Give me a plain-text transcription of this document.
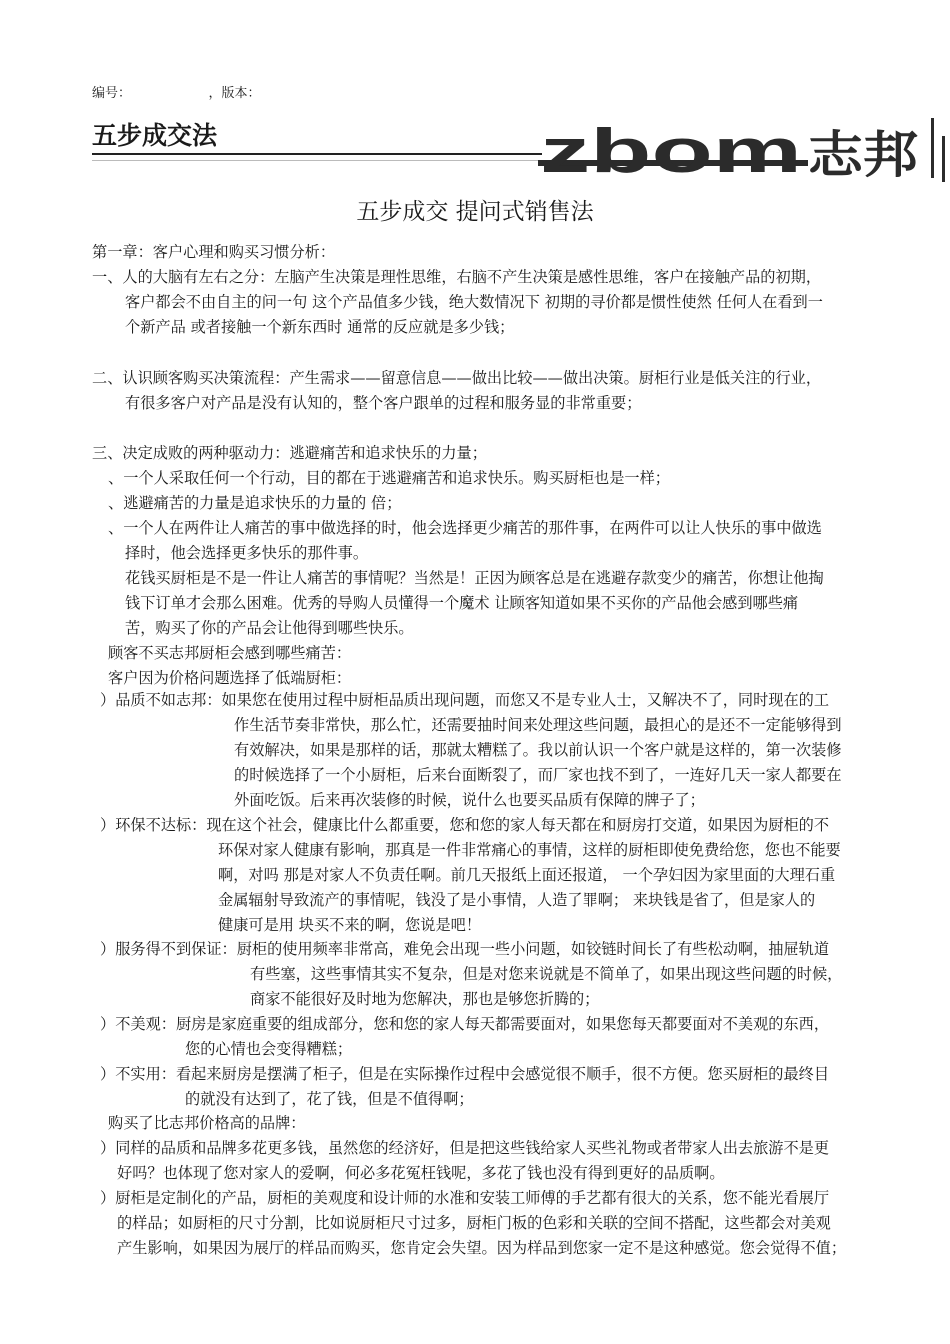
编号：	，版本：
五步成交法	zbom 志邦
五步成交 提问式销售法
第一章：客户心理和购买习惯分析：
一、人的大脑有左右之分：左脑产生决策是理性思维，右脑不产生决策是感性思维，客户在接触产品的初期，
客户都会不由自主的问一句 这个产品值多少钱，绝大数情况下 初期的寻价都是惯性使然 任何人在看到一
个新产品 或者接触一个新东西时 通常的反应就是多少钱；
二、认识顾客购买决策流程：产生需求——留意信息——做出比较——做出决策。厨柜行业是低关注的行业，
有很多客户对产品是没有认知的，整个客户跟单的过程和服务显的非常重要；
三、决定成败的两种驱动力：逃避痛苦和追求快乐的力量；
、一个人采取任何一个行动，目的都在于逃避痛苦和追求快乐。购买厨柜也是一样；
、逃避痛苦的力量是追求快乐的力量的 倍；
、一个人在两件让人痛苦的事中做选择的时，他会选择更少痛苦的那件事，在两件可以让人快乐的事中做选
择时，他会选择更多快乐的那件事。
花钱买厨柜是不是一件让人痛苦的事情呢？当然是！正因为顾客总是在逃避存款变少的痛苦，你想让他掏
钱下订单才会那么困难。优秀的导购人员懂得一个魔术 让顾客知道如果不买你的产品他会感到哪些痛
苦，购买了你的产品会让他得到哪些快乐。
顾客不买志邦厨柜会感到哪些痛苦：
客户因为价格问题选择了低端厨柜：
）品质不如志邦：如果您在使用过程中厨柜品质出现问题，而您又不是专业人士，又解决不了，同时现在的工
作生活节奏非常快，那么忙，还需要抽时间来处理这些问题，最担心的是还不一定能够得到
有效解决，如果是那样的话，那就太糟糕了。我以前认识一个客户就是这样的，第一次装修
的时候选择了一个小厨柜，后来台面断裂了，而厂家也找不到了，一连好几天一家人都要在
外面吃饭。后来再次装修的时候，说什么也要买品质有保障的牌子了；
）环保不达标：现在这个社会，健康比什么都重要，您和您的家人每天都在和厨房打交道，如果因为厨柜的不
环保对家人健康有影响，那真是一件非常痛心的事情，这样的厨柜即使免费给您，您也不能要
啊，对吗 那是对家人不负责任啊。前几天报纸上面还报道， 一个孕妇因为家里面的大理石重
金属辐射导致流产的事情呢，钱没了是小事情，人造了罪啊； 来块钱是省了，但是家人的
健康可是用 块买不来的啊，您说是吧！
）服务得不到保证：厨柜的使用频率非常高，难免会出现一些小问题，如铰链时间长了有些松动啊，抽屉轨道
有些塞，这些事情其实不复杂，但是对您来说就是不简单了，如果出现这些问题的时候，
商家不能很好及时地为您解决，那也是够您折腾的；
）不美观：厨房是家庭重要的组成部分，您和您的家人每天都需要面对，如果您每天都要面对不美观的东西，
您的心情也会变得糟糕；
）不实用：看起来厨房是摆满了柜子，但是在实际操作过程中会感觉很不顺手，很不方便。您买厨柜的最终目
的就没有达到了，花了钱，但是不值得啊；
购买了比志邦价格高的品牌：
）同样的品质和品牌多花更多钱，虽然您的经济好，但是把这些钱给家人买些礼物或者带家人出去旅游不是更
好吗？也体现了您对家人的爱啊，何必多花冤枉钱呢，多花了钱也没有得到更好的品质啊。
）厨柜是定制化的产品，厨柜的美观度和设计师的水准和安装工师傅的手艺都有很大的关系，您不能光看展厅
的样品；如厨柜的尺寸分割，比如说厨柜尺寸过多，厨柜门板的色彩和关联的空间不搭配，这些都会对美观
产生影响，如果因为展厅的样品而购买，您肯定会失望。因为样品到您家一定不是这种感觉。您会觉得不值；
